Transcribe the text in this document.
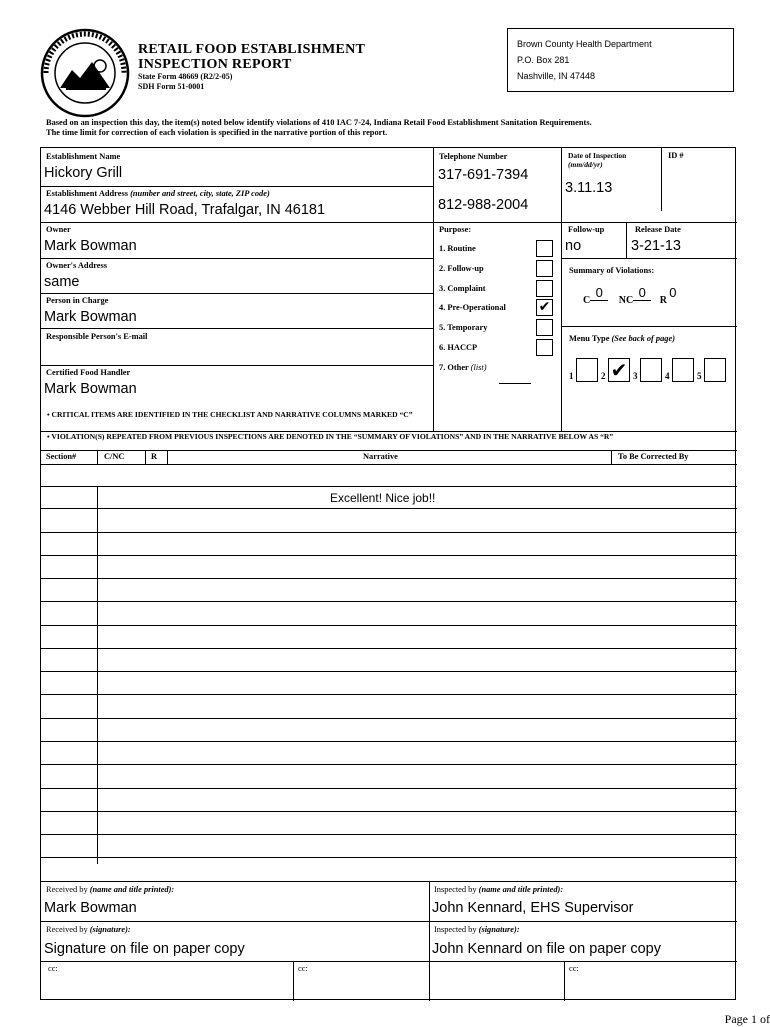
RETAIL FOOD ESTABLISHMENT
INSPECTION REPORT
State Form 48669 (R2/2-05)
SDH Form 51-0001
Brown County Health Department
P.O. Box 281
Nashville, IN 47448
Based on an inspection this day, the item(s) noted below identify violations of 410 IAC 7-24, Indiana Retail Food Establishment Sanitation Requirements.
The time limit for correction of each violation is specified in the narrative portion of this report.
Establishment Name
Hickory Grill
Establishment Address (number and street, city, state, ZIP code)
4146 Webber Hill Road, Trafalgar, IN 46181
Owner
Mark Bowman
Owner's Address
same
Person in Charge
Mark Bowman
Responsible Person's E-mail
Certified Food Handler
Mark Bowman
Telephone Number
317-691-7394
812-988-2004
Date of Inspection
(mm/dd/yr)
3.11.13
ID #
Purpose:
1. Routine
2. Follow-up
3. Complaint
4. Pre-Operational ✔
5. Temporary
6. HACCP
7. Other (list)
Follow-up
no
Release Date
3-21-13
Summary of Violations:
C0 NC0 R0
Menu Type (See back of page)
1	2 ✔ 3	4	5
• CRITICAL ITEMS ARE IDENTIFIED IN THE CHECKLIST AND NARRATIVE COLUMNS MARKED “C”
• VIOLATION(S) REPEATED FROM PREVIOUS INSPECTIONS ARE DENOTED IN THE “SUMMARY OF VIOLATIONS” AND IN THE NARRATIVE BELOW AS “R”
Section#	C/NC	R	Narrative	To Be Corrected By
Excellent! Nice job!!
Received by (name and title printed):
Mark Bowman
Received by (signature):
Signature on file on paper copy
Inspected by (name and title printed):
John Kennard, EHS Supervisor
Inspected by (signature):
John Kennard on file on paper copy
cc:	cc:	cc:
Page 1 of
